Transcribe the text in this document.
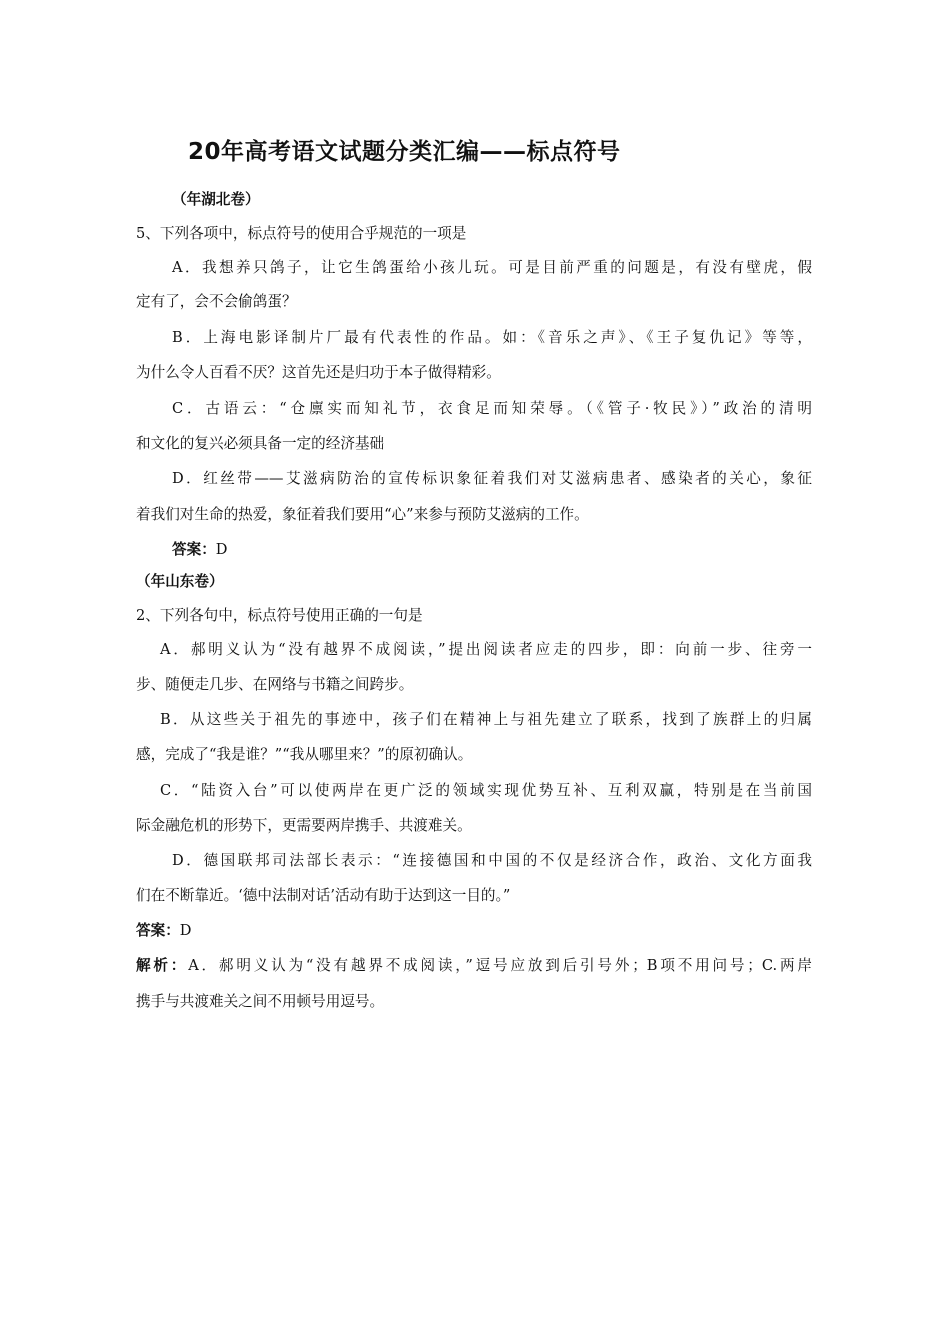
20年高考语文试题分类汇编——标点符号
（年湖北卷）
5、下列各项中，标点符号的使用合乎规范的一项是
A．我想养只鸽子，让它生鸽蛋给小孩儿玩。可是目前严重的问题是，有没有壁虎，假
定有了，会不会偷鸽蛋？
B．上海电影译制片厂最有代表性的作品。如：《音乐之声》、《王子复仇记》等等，
为什么令人百看不厌？这首先还是归功于本子做得精彩。
C．古语云：“仓廪实而知礼节，衣食足而知荣辱。（《管子·牧民》）”政治的清明
和文化的复兴必须具备一定的经济基础
D．红丝带——艾滋病防治的宣传标识象征着我们对艾滋病患者、感染者的关心，象征
着我们对生命的热爱，象征着我们要用“心”来参与预防艾滋病的工作。
答案：D
（年山东卷）
2、下列各句中，标点符号使用正确的一句是
A．郝明义认为“没有越界不成阅读，”提出阅读者应走的四步，即：向前一步、往旁一
步、随便走几步、在网络与书籍之间跨步。
B．从这些关于祖先的事迹中，孩子们在精神上与祖先建立了联系，找到了族群上的归属
感，完成了“我是谁？”“我从哪里来？”的原初确认。
C．“陆资入台”可以使两岸在更广泛的领域实现优势互补、互利双赢，特别是在当前国
际金融危机的形势下，更需要两岸携手、共渡难关。
D．德国联邦司法部长表示：“连接德国和中国的不仅是经济合作，政治、文化方面我
们在不断靠近。‘德中法制对话’活动有助于达到这一目的。”
答案：D
解析：A．郝明义认为“没有越界不成阅读，”逗号应放到后引号外；B项不用问号；C.两岸
携手与共渡难关之间不用顿号用逗号。
